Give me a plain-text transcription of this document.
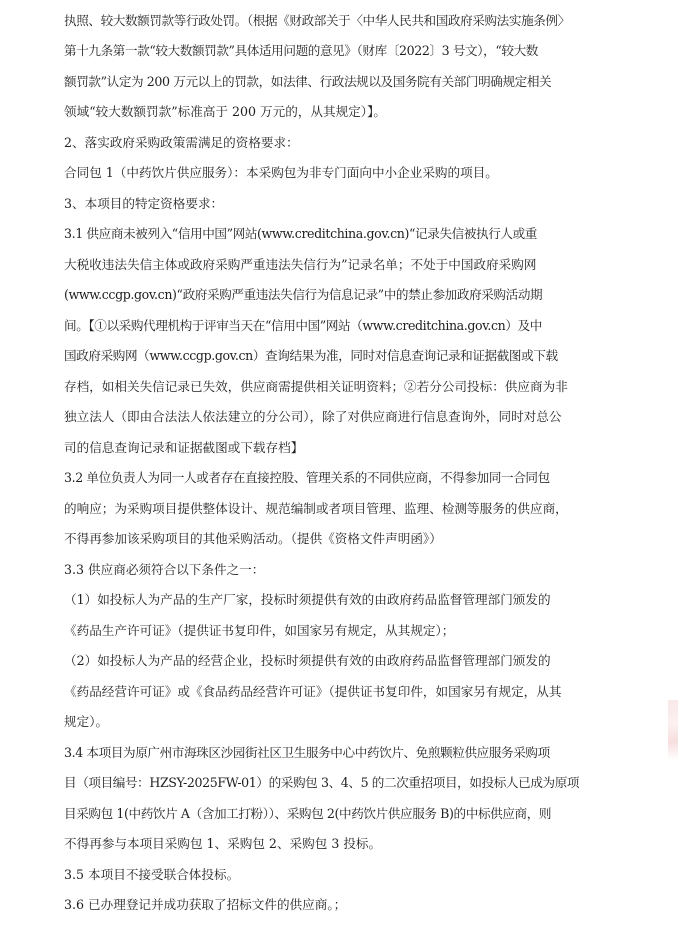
执照、较大数额罚款等行政处罚。（根据《财政部关于〈中华人民共和国政府采购法实施条例〉
第十九条第一款“较大数额罚款”具体适用问题的意见》（财库〔2022〕3 号文），“较大数
额罚款”认定为 200 万元以上的罚款，如法律、行政法规以及国务院有关部门明确规定相关
领域“较大数额罚款”标准高于 200 万元的，从其规定）】。
2、落实政府采购政策需满足的资格要求：
合同包 1（中药饮片供应服务）：本采购包为非专门面向中小企业采购的项目。
3、本项目的特定资格要求：
3.1 供应商未被列入“信用中国”网站(www.creditchina.gov.cn)“记录失信被执行人或重
大税收违法失信主体或政府采购严重违法失信行为”记录名单；不处于中国政府采购网
(www.ccgp.gov.cn)“政府采购严重违法失信行为信息记录”中的禁止参加政府采购活动期
间。【①以采购代理机构于评审当天在“信用中国”网站（www.creditchina.gov.cn）及中
国政府采购网（www.ccgp.gov.cn）查询结果为准，同时对信息查询记录和证据截图或下载
存档，如相关失信记录已失效，供应商需提供相关证明资料；②若分公司投标：供应商为非
独立法人（即由合法法人依法建立的分公司），除了对供应商进行信息查询外，同时对总公
司的信息查询记录和证据截图或下载存档】
3.2 单位负责人为同一人或者存在直接控股、管理关系的不同供应商，不得参加同一合同包
的响应；为采购项目提供整体设计、规范编制或者项目管理、监理、检测等服务的供应商，
不得再参加该采购项目的其他采购活动。（提供《资格文件声明函》）
3.3 供应商必须符合以下条件之一：
（1）如投标人为产品的生产厂家，投标时须提供有效的由政府药品监督管理部门颁发的
《药品生产许可证》（提供证书复印件，如国家另有规定，从其规定）；
（2）如投标人为产品的经营企业，投标时须提供有效的由政府药品监督管理部门颁发的
《药品经营许可证》或《食品药品经营许可证》（提供证书复印件，如国家另有规定，从其
规定）。
3.4 本项目为原广州市海珠区沙园街社区卫生服务中心中药饮片、免煎颗粒供应服务采购项
目（项目编号：HZSY-2025FW-01）的采购包 3、4、5 的二次重招项目，如投标人已成为原项
目采购包 1(中药饮片 A（含加工打粉））、采购包 2(中药饮片供应服务 B)的中标供应商，则
不得再参与本项目采购包 1、采购包 2、采购包 3 投标。
3.5 本项目不接受联合体投标。
3.6 已办理登记并成功获取了招标文件的供应商。；
